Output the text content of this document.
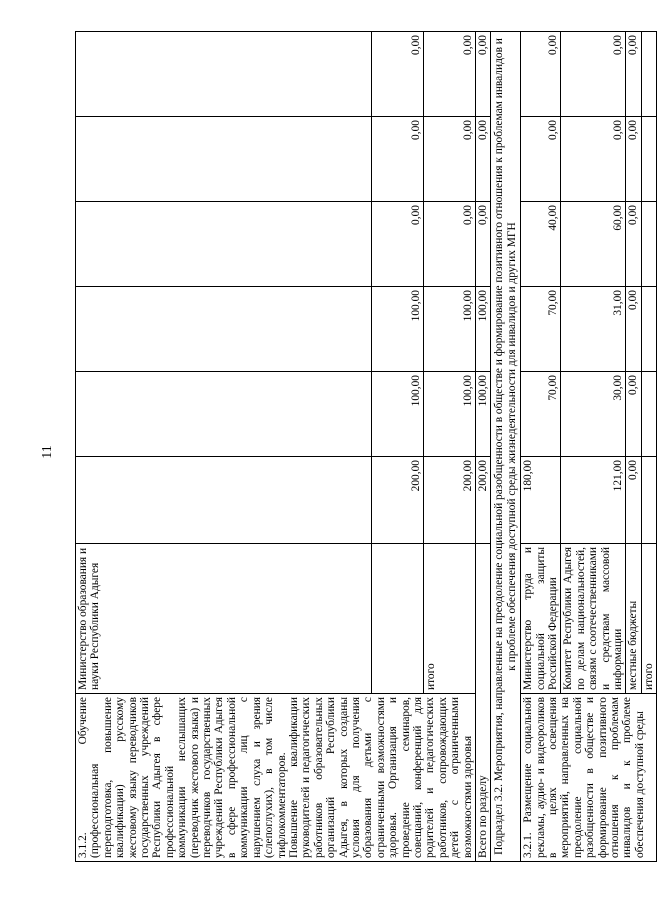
11
3.1.2. Обучение (профессиональная переподготовка, повышение квалификации) русскому жестовому языку переводчиков государственных учреждений Республики Адыгея в сфере профессиональной коммуникации неслышащих (переводчик жестового языка) и переводчиков государственных учреждений Республики Адыгея в сфере профессиональной коммуникации лиц с нарушением слуха и зрения (слепоглухих), в том числе тифлокомментаторов. Повышение квалификации руководителей и педагогических работников образовательных организаций Республики Адыгея, в которых созданы условия для получения образования детьми с ограниченными возможностями здоровья. Организация и проведение семинаров, совещаний, конференций для родителей и педагогических работников, сопровождающих детей с ограниченными возможностями здоровья	Министерство образования и науки Республики Адыгея						
		200,00	100,00	100,00	0,00	0,00	0,00
	итого	200,00	100,00	100,00	0,00	0,00	0,00
Всего по разделу		200,00	100,00	100,00	0,00	0,00	0,00
Подраздел 3.2. Мероприятия, направленные на преодоление социальной разобщенности в обществе и формирование позитивного отношения к проблемам инвалидов и к проблеме обеспечения доступной среды жизнедеятельности для инвалидов и других МГН							
3.2.1. Размещение социальной рекламы, аудио- и видеороликов в целях освещения мероприятий, направленных на преодоление социальной разобщенности в обществе и формирование позитивного отношения к проблемам инвалидов и к проблеме обеспечения доступной среды	Министерство труда и социальной защиты Российской Федерации	180,00	70,00	70,00	40,00	0,00	0,00
	Комитет Республики Адыгея по делам национальностей, связям с соотечественниками и средствам массовой информации	121,00	30,00	31,00	60,00	0,00	0,00
	местные бюджеты	0,00	0,00	0,00	0,00	0,00	0,00
	итого						
